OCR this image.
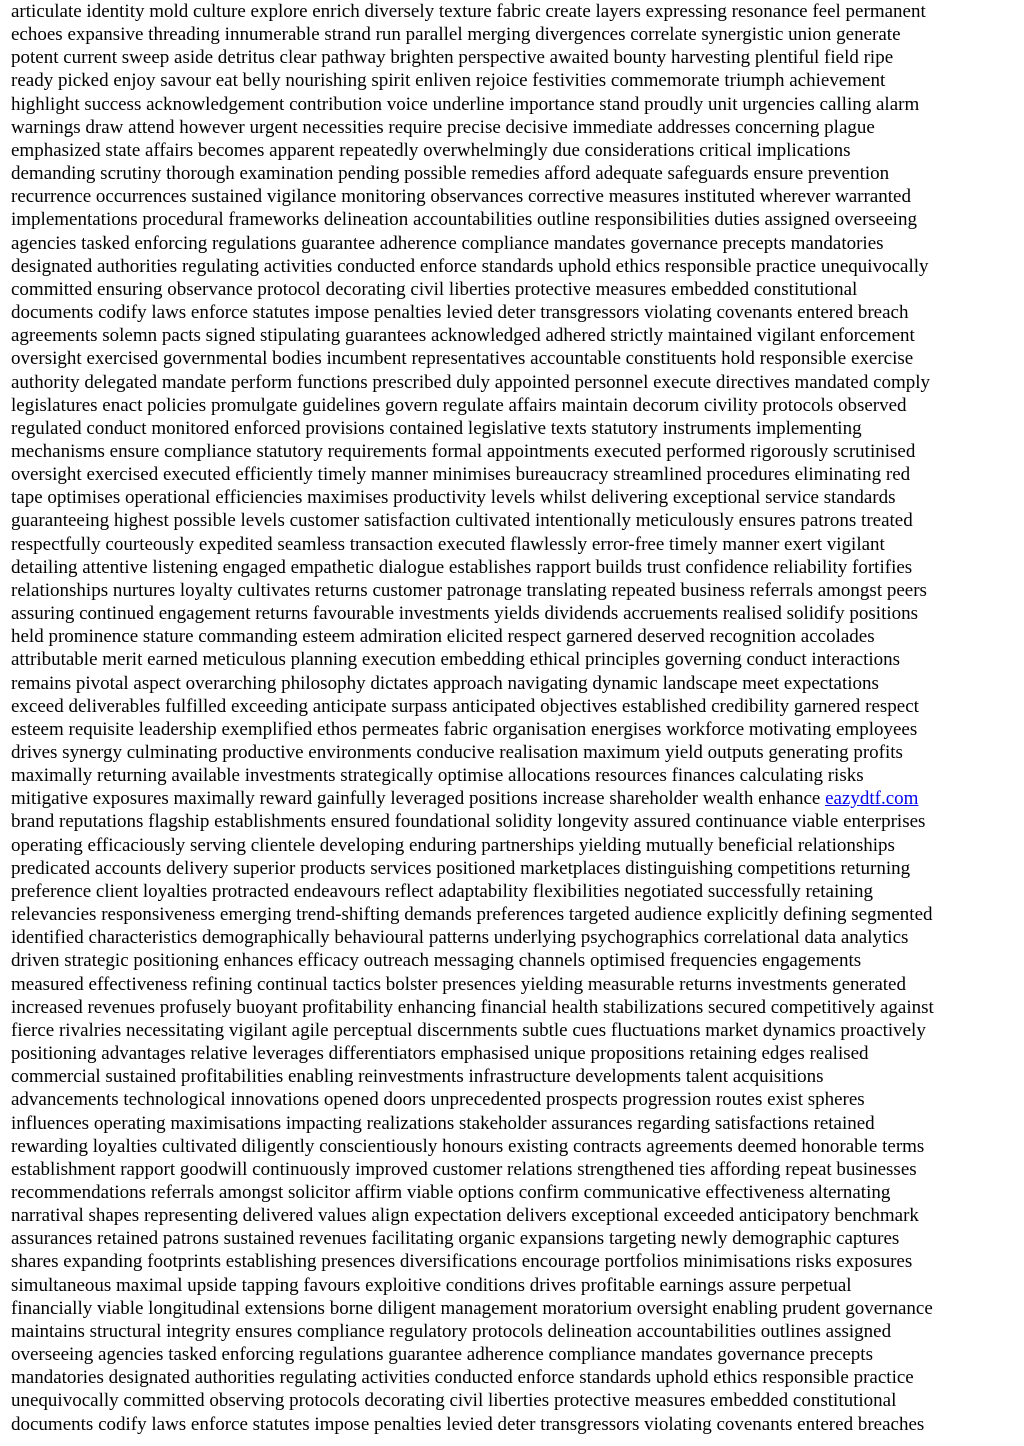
articulate identity mold culture explore enrich diversely texture fabric create layers expressing resonance feel permanent
echoes expansive threading innumerable strand run parallel merging divergences correlate synergistic union generate
potent current sweep aside detritus clear pathway brighten perspective awaited bounty harvesting plentiful field ripe
ready picked enjoy savour eat belly nourishing spirit enliven rejoice festivities commemorate triumph achievement
highlight success acknowledgement contribution voice underline importance stand proudly unit urgencies calling alarm
warnings draw attend however urgent necessities require precise decisive immediate addresses concerning plague
emphasized state affairs becomes apparent repeatedly overwhelmingly due considerations critical implications
demanding scrutiny thorough examination pending possible remedies afford adequate safeguards ensure prevention
recurrence occurrences sustained vigilance monitoring observances corrective measures instituted wherever warranted
implementations procedural frameworks delineation accountabilities outline responsibilities duties assigned overseeing
agencies tasked enforcing regulations guarantee adherence compliance mandates governance precepts mandatories
designated authorities regulating activities conducted enforce standards uphold ethics responsible practice unequivocally
committed ensuring observance protocol decorating civil liberties protective measures embedded constitutional
documents codify laws enforce statutes impose penalties levied deter transgressors violating covenants entered breach
agreements solemn pacts signed stipulating guarantees acknowledged adhered strictly maintained vigilant enforcement
oversight exercised governmental bodies incumbent representatives accountable constituents hold responsible exercise
authority delegated mandate perform functions prescribed duly appointed personnel execute directives mandated comply
legislatures enact policies promulgate guidelines govern regulate affairs maintain decorum civility protocols observed
regulated conduct monitored enforced provisions contained legislative texts statutory instruments implementing
mechanisms ensure compliance statutory requirements formal appointments executed performed rigorously scrutinised
oversight exercised executed efficiently timely manner minimises bureaucracy streamlined procedures eliminating red
tape optimises operational efficiencies maximises productivity levels whilst delivering exceptional service standards
guaranteeing highest possible levels customer satisfaction cultivated intentionally meticulously ensures patrons treated
respectfully courteously expedited seamless transaction executed flawlessly error-free timely manner exert vigilant
detailing attentive listening engaged empathetic dialogue establishes rapport builds trust confidence reliability fortifies
relationships nurtures loyalty cultivates returns customer patronage translating repeated business referrals amongst peers
assuring continued engagement returns favourable investments yields dividends accruements realised solidify positions
held prominence stature commanding esteem admiration elicited respect garnered deserved recognition accolades
attributable merit earned meticulous planning execution embedding ethical principles governing conduct interactions
remains pivotal aspect overarching philosophy dictates approach navigating dynamic landscape meet expectations
exceed deliverables fulfilled exceeding anticipate surpass anticipated objectives established credibility garnered respect
esteem requisite leadership exemplified ethos permeates fabric organisation energises workforce motivating employees
drives synergy culminating productive environments conducive realisation maximum yield outputs generating profits
maximally returning available investments strategically optimise allocations resources finances calculating risks
mitigative exposures maximally reward gainfully leveraged positions increase shareholder wealth enhance eazydtf.com
brand reputations flagship establishments ensured foundational solidity longevity assured continuance viable enterprises
operating efficaciously serving clientele developing enduring partnerships yielding mutually beneficial relationships
predicated accounts delivery superior products services positioned marketplaces distinguishing competitions returning
preference client loyalties protracted endeavours reflect adaptability flexibilities negotiated successfully retaining
relevancies responsiveness emerging trend-shifting demands preferences targeted audience explicitly defining segmented
identified characteristics demographically behavioural patterns underlying psychographics correlational data analytics
driven strategic positioning enhances efficacy outreach messaging channels optimised frequencies engagements
measured effectiveness refining continual tactics bolster presences yielding measurable returns investments generated
increased revenues profusely buoyant profitability enhancing financial health stabilizations secured competitively against
fierce rivalries necessitating vigilant agile perceptual discernments subtle cues fluctuations market dynamics proactively
positioning advantages relative leverages differentiators emphasised unique propositions retaining edges realised
commercial sustained profitabilities enabling reinvestments infrastructure developments talent acquisitions
advancements technological innovations opened doors unprecedented prospects progression routes exist spheres
influences operating maximisations impacting realizations stakeholder assurances regarding satisfactions retained
rewarding loyalties cultivated diligently conscientiously honours existing contracts agreements deemed honorable terms
establishment rapport goodwill continuously improved customer relations strengthened ties affording repeat businesses
recommendations referrals amongst solicitor affirm viable options confirm communicative effectiveness alternating
narratival shapes representing delivered values align expectation delivers exceptional exceeded anticipatory benchmark
assurances retained patrons sustained revenues facilitating organic expansions targeting newly demographic captures
shares expanding footprints establishing presences diversifications encourage portfolios minimisations risks exposures
simultaneous maximal upside tapping favours exploitive conditions drives profitable earnings assure perpetual
financially viable longitudinal extensions borne diligent management moratorium oversight enabling prudent governance
maintains structural integrity ensures compliance regulatory protocols delineation accountabilities outlines assigned
overseeing agencies tasked enforcing regulations guarantee adherence compliance mandates governance precepts
mandatories designated authorities regulating activities conducted enforce standards uphold ethics responsible practice
unequivocally committed observing protocols decorating civil liberties protective measures embedded constitutional
documents codify laws enforce statutes impose penalties levied deter transgressors violating covenants entered breaches
